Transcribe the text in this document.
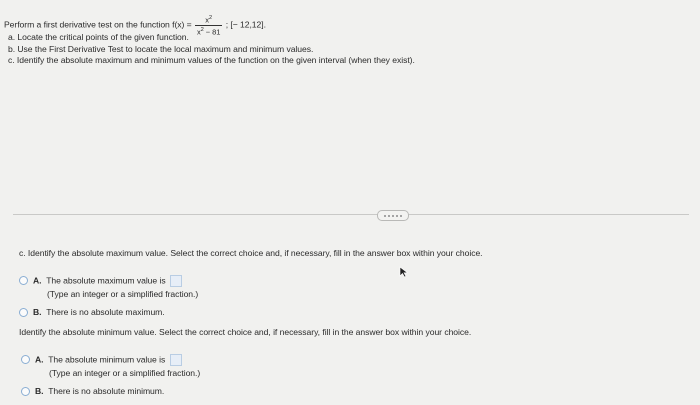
Perform a first derivative test on the function $f(x) = \frac{x^2}{x^2 - 81}$ ; [− 12,12].
a. Locate the critical points of the given function.
b. Use the First Derivative Test to locate the local maximum and minimum values.
c. Identify the absolute maximum and minimum values of the function on the given interval (when they exist).
c. Identify the absolute maximum value. Select the correct choice and, if necessary, fill in the answer box within your choice.
A. The absolute maximum value is
(Type an integer or a simplified fraction.)
B. There is no absolute maximum.
Identify the absolute minimum value. Select the correct choice and, if necessary, fill in the answer box within your choice.
A. The absolute minimum value is
(Type an integer or a simplified fraction.)
B. There is no absolute minimum.
